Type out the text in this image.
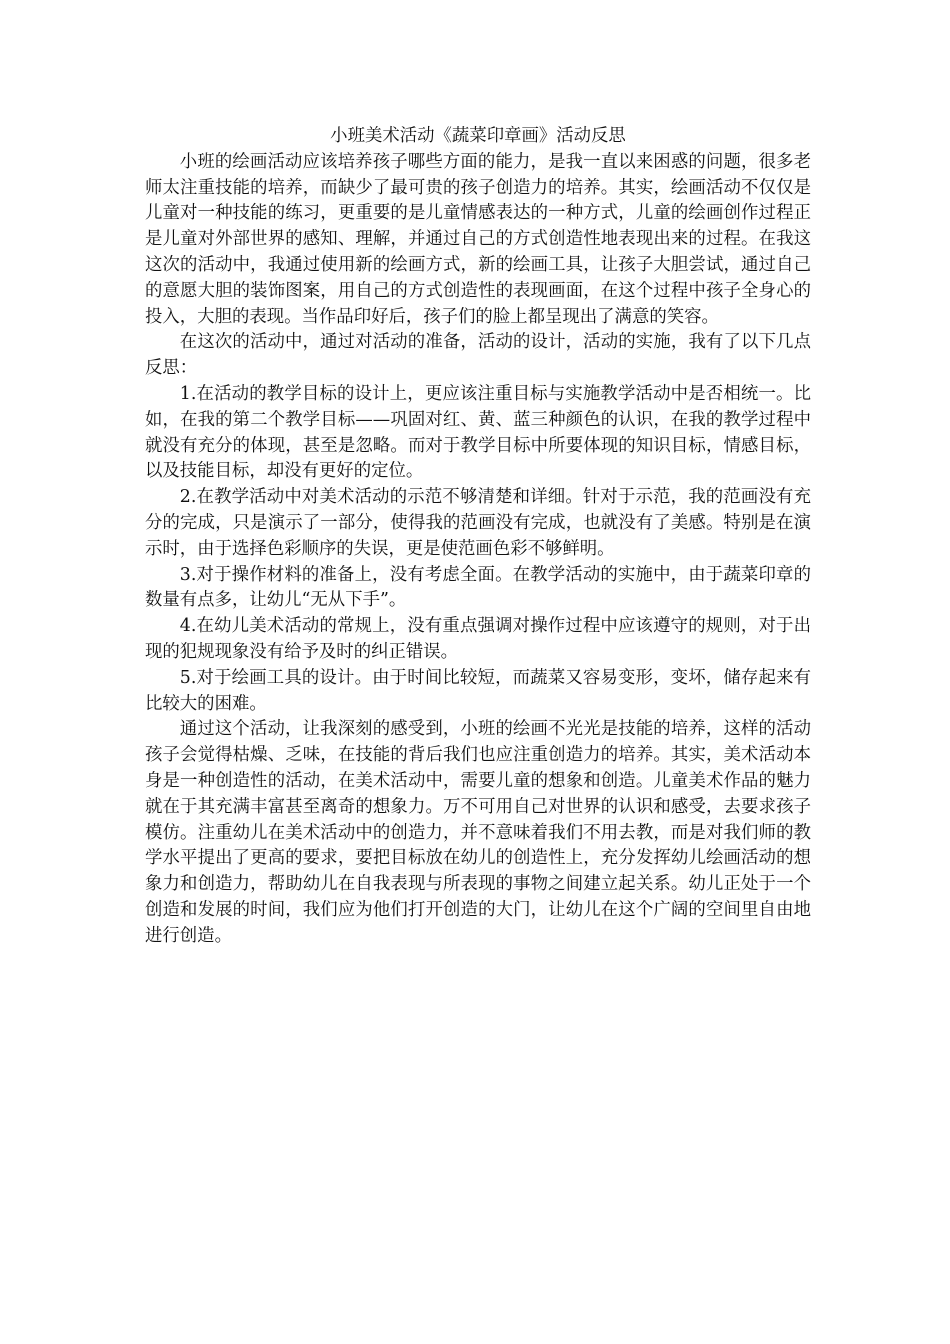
小班美术活动《蔬菜印章画》活动反思

小班的绘画活动应该培养孩子哪些方面的能力，是我一直以来困惑的问题，很多老师太注重技能的培养，而缺少了最可贵的孩子创造力的培养。其实，绘画活动不仅仅是儿童对一种技能的练习，更重要的是儿童情感表达的一种方式，儿童的绘画创作过程正是儿童对外部世界的感知、理解，并通过自己的方式创造性地表现出来的过程。在我这这次的活动中，我通过使用新的绘画方式，新的绘画工具，让孩子大胆尝试，通过自己的意愿大胆的装饰图案，用自己的方式创造性的表现画面，在这个过程中孩子全身心的投入，大胆的表现。当作品印好后，孩子们的脸上都呈现出了满意的笑容。

在这次的活动中，通过对活动的准备，活动的设计，活动的实施，我有了以下几点反思：

1.在活动的教学目标的设计上，更应该注重目标与实施教学活动中是否相统一。比如，在我的第二个教学目标——巩固对红、黄、蓝三种颜色的认识，在我的教学过程中就没有充分的体现，甚至是忽略。而对于教学目标中所要体现的知识目标，情感目标，以及技能目标，却没有更好的定位。

2.在教学活动中对美术活动的示范不够清楚和详细。针对于示范，我的范画没有充分的完成，只是演示了一部分，使得我的范画没有完成，也就没有了美感。特别是在演示时，由于选择色彩顺序的失误，更是使范画色彩不够鲜明。

3.对于操作材料的准备上，没有考虑全面。在教学活动的实施中，由于蔬菜印章的数量有点多，让幼儿“无从下手”。

4.在幼儿美术活动的常规上，没有重点强调对操作过程中应该遵守的规则，对于出现的犯规现象没有给予及时的纠正错误。

5.对于绘画工具的设计。由于时间比较短，而蔬菜又容易变形，变坏，储存起来有比较大的困难。

通过这个活动，让我深刻的感受到，小班的绘画不光光是技能的培养，这样的活动孩子会觉得枯燥、乏味，在技能的背后我们也应注重创造力的培养。其实，美术活动本身是一种创造性的活动，在美术活动中，需要儿童的想象和创造。儿童美术作品的魅力就在于其充满丰富甚至离奇的想象力。万不可用自己对世界的认识和感受，去要求孩子模仿。注重幼儿在美术活动中的创造力，并不意味着我们不用去教，而是对我们师的教学水平提出了更高的要求，要把目标放在幼儿的创造性上，充分发挥幼儿绘画活动的想象力和创造力，帮助幼儿在自我表现与所表现的事物之间建立起关系。幼儿正处于一个创造和发展的时间，我们应为他们打开创造的大门，让幼儿在这个广阔的空间里自由地进行创造。
